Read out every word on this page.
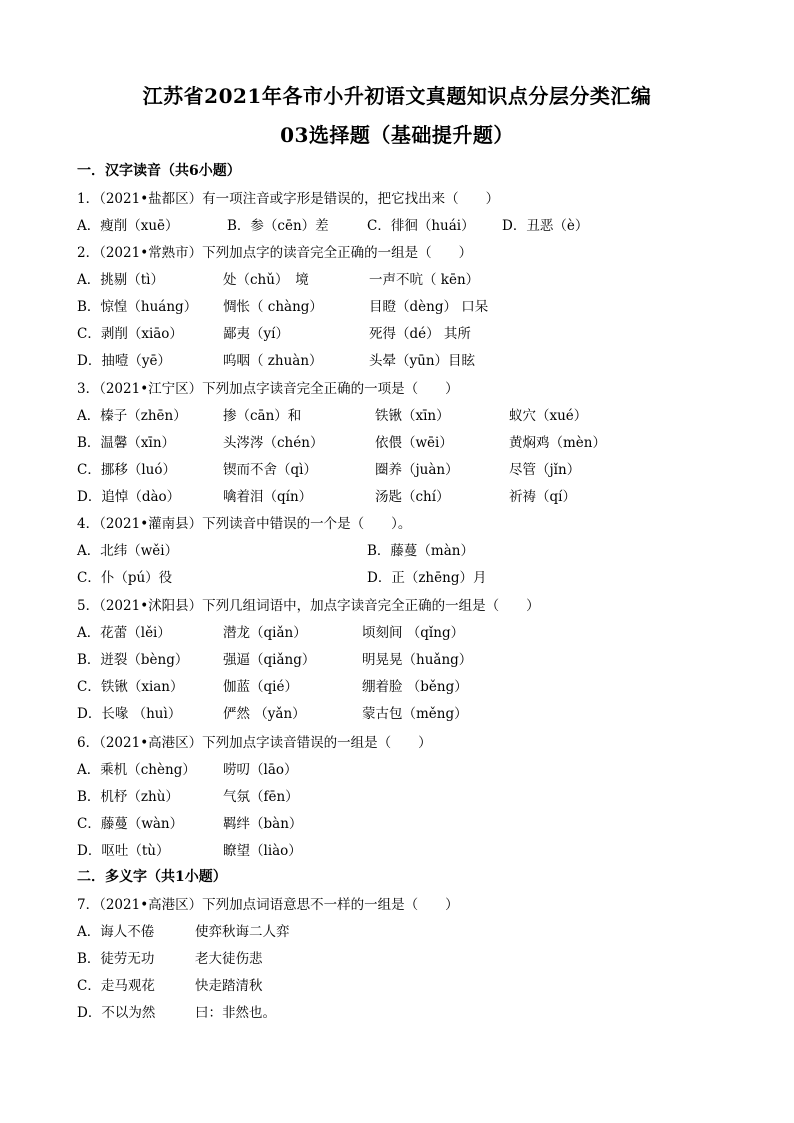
江苏省2021年各市小升初语文真题知识点分层分类汇编
03选择题（基础提升题）
一．汉字读音（共6小题）
1．（2021•盐都区）有一项注音或字形是错误的，把它找出来（　　）
A．瘦削（xuē）	B．参（cēn）差	C．徘徊（huái） D．丑恶（è）
2．（2021•常熟市）下列加点字的读音完全正确的一组是（　　）
A．挑剔（tì）	处（chǔ）　境	一声不吭（ kēn）
B．惊惶（huáng） 惆怅（ chàng）	目瞪（dèng） 口呆
C．剥削（xiāo）	鄙夷（yí）	死得（dé） 其所
D．抽噎（yē）	呜咽（ zhuàn）	头晕（yūn）目眩
3．（2021•江宁区）下列加点字读音完全正确的一项是（　　）
A．榛子（zhēn）	掺（cān）和	铁锹（xīn）	蚁穴（xué）
B．温馨（xīn）	头涔涔（chén）	依偎（wēi）	黄焖鸡（mèn）
C．挪移（luó）	锲而不舍（qì）	圈养（juàn）	尽管（jǐn）
D．追悼（dào）	噙着泪（qín）	汤匙（chí）	祈祷（qí）
4．（2021•灌南县）下列读音中错误的一个是（　　）。
A．北纬（wěi）	B．藤蔓（màn）
C．仆（pú）役	D．正（zhēng）月
5．（2021•沭阳县）下列几组词语中，加点字读音完全正确的一组是（　　）
A．花蕾（lěi）	潜龙（qiǎn）	顷刻间 （qǐng）
B．迸裂（bèng）	强逼（qiǎng）	明晃晃（huǎng）
C．铁锹（xian）	伽蓝（qié）	绷着脸 （běng）
D．长喙 （huì）	俨然 （yǎn）	蒙古包（měng）
6．（2021•高港区）下列加点字读音错误的一组是（　　）
A．乘机（chèng） 唠叨（lāo）
B．机杼（zhù）	气氛（fēn）
C．藤蔓（wàn）	羁绊（bàn）
D．呕吐（tù）	瞭望（liào）
二．多义字（共1小题）
7．（2021•高港区）下列加点词语意思不一样的一组是（　　）
A．诲人不倦	使弈秋诲二人弈
B．徒劳无功	老大徒伤悲
C．走马观花	快走踏清秋
D．不以为然	曰：非然也。
